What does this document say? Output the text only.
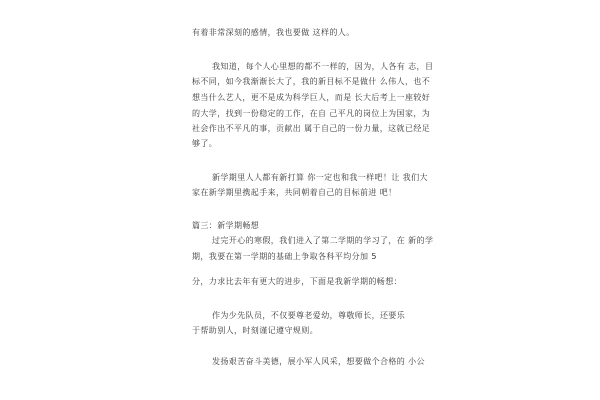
有着非常深刻的感情，我也要做 这样的人。
我知道，每个人心里想的都不一样的，因为，人各有 志，目
标不同，如今我渐渐长大了，我的新目标不是做什 么伟人，也不
想当什么艺人，更不是成为科学巨人，而是 长大后考上一座较好
的大学，找到一份稳定的工作，在自 己平凡的岗位上为国家，为
社会作出不平凡的事，贡献出 属于自己的一份力量，这就已经足
够了。
新学期里人人都有新打算 你一定也和我一样吧！让 我们大
家在新学期里携起手来，共同朝着自己的目标前进 吧！
篇三：新学期畅想
过完开心的寒假，我们进入了第二学期的学习了，在 新的学
期，我要在第一学期的基础上争取各科平均分加 5
分，力求比去年有更大的进步，下面是我新学期的畅想：
作为少先队员，不仅要尊老爱幼，尊敬师长，还要乐
于帮助别人，时刻谨记遵守规则。
发扬艰苦奋斗美德，展小军人风采，想要做个合格的 小公
